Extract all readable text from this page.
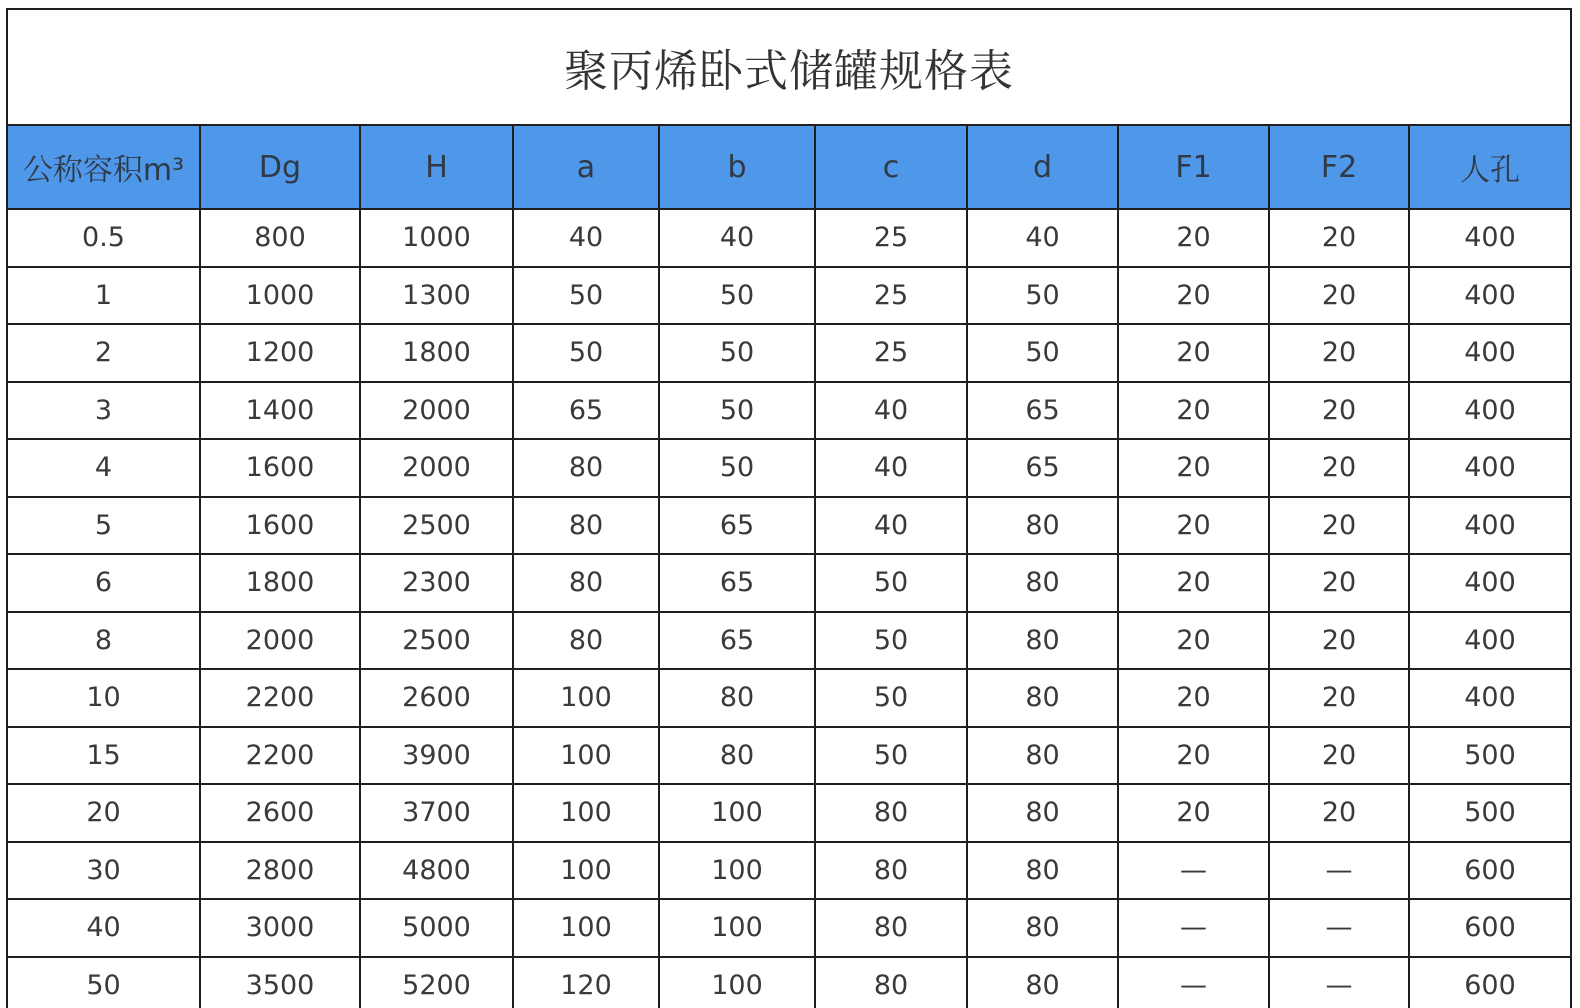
聚丙烯卧式储罐规格表
公称容积m³	Dg	H	a	b	c	d	F1	F2	人孔
0.5	800	1000	40	40	25	40	20	20	400
1	1000	1300	50	50	25	50	20	20	400
2	1200	1800	50	50	25	50	20	20	400
3	1400	2000	65	50	40	65	20	20	400
4	1600	2000	80	50	40	65	20	20	400
5	1600	2500	80	65	40	80	20	20	400
6	1800	2300	80	65	50	80	20	20	400
8	2000	2500	80	65	50	80	20	20	400
10	2200	2600	100	80	50	80	20	20	400
15	2200	3900	100	80	50	80	20	20	500
20	2600	3700	100	100	80	80	20	20	500
30	2800	4800	100	100	80	80	—	—	600
40	3000	5000	100	100	80	80	—	—	600
50	3500	5200	120	100	80	80	—	—	600
